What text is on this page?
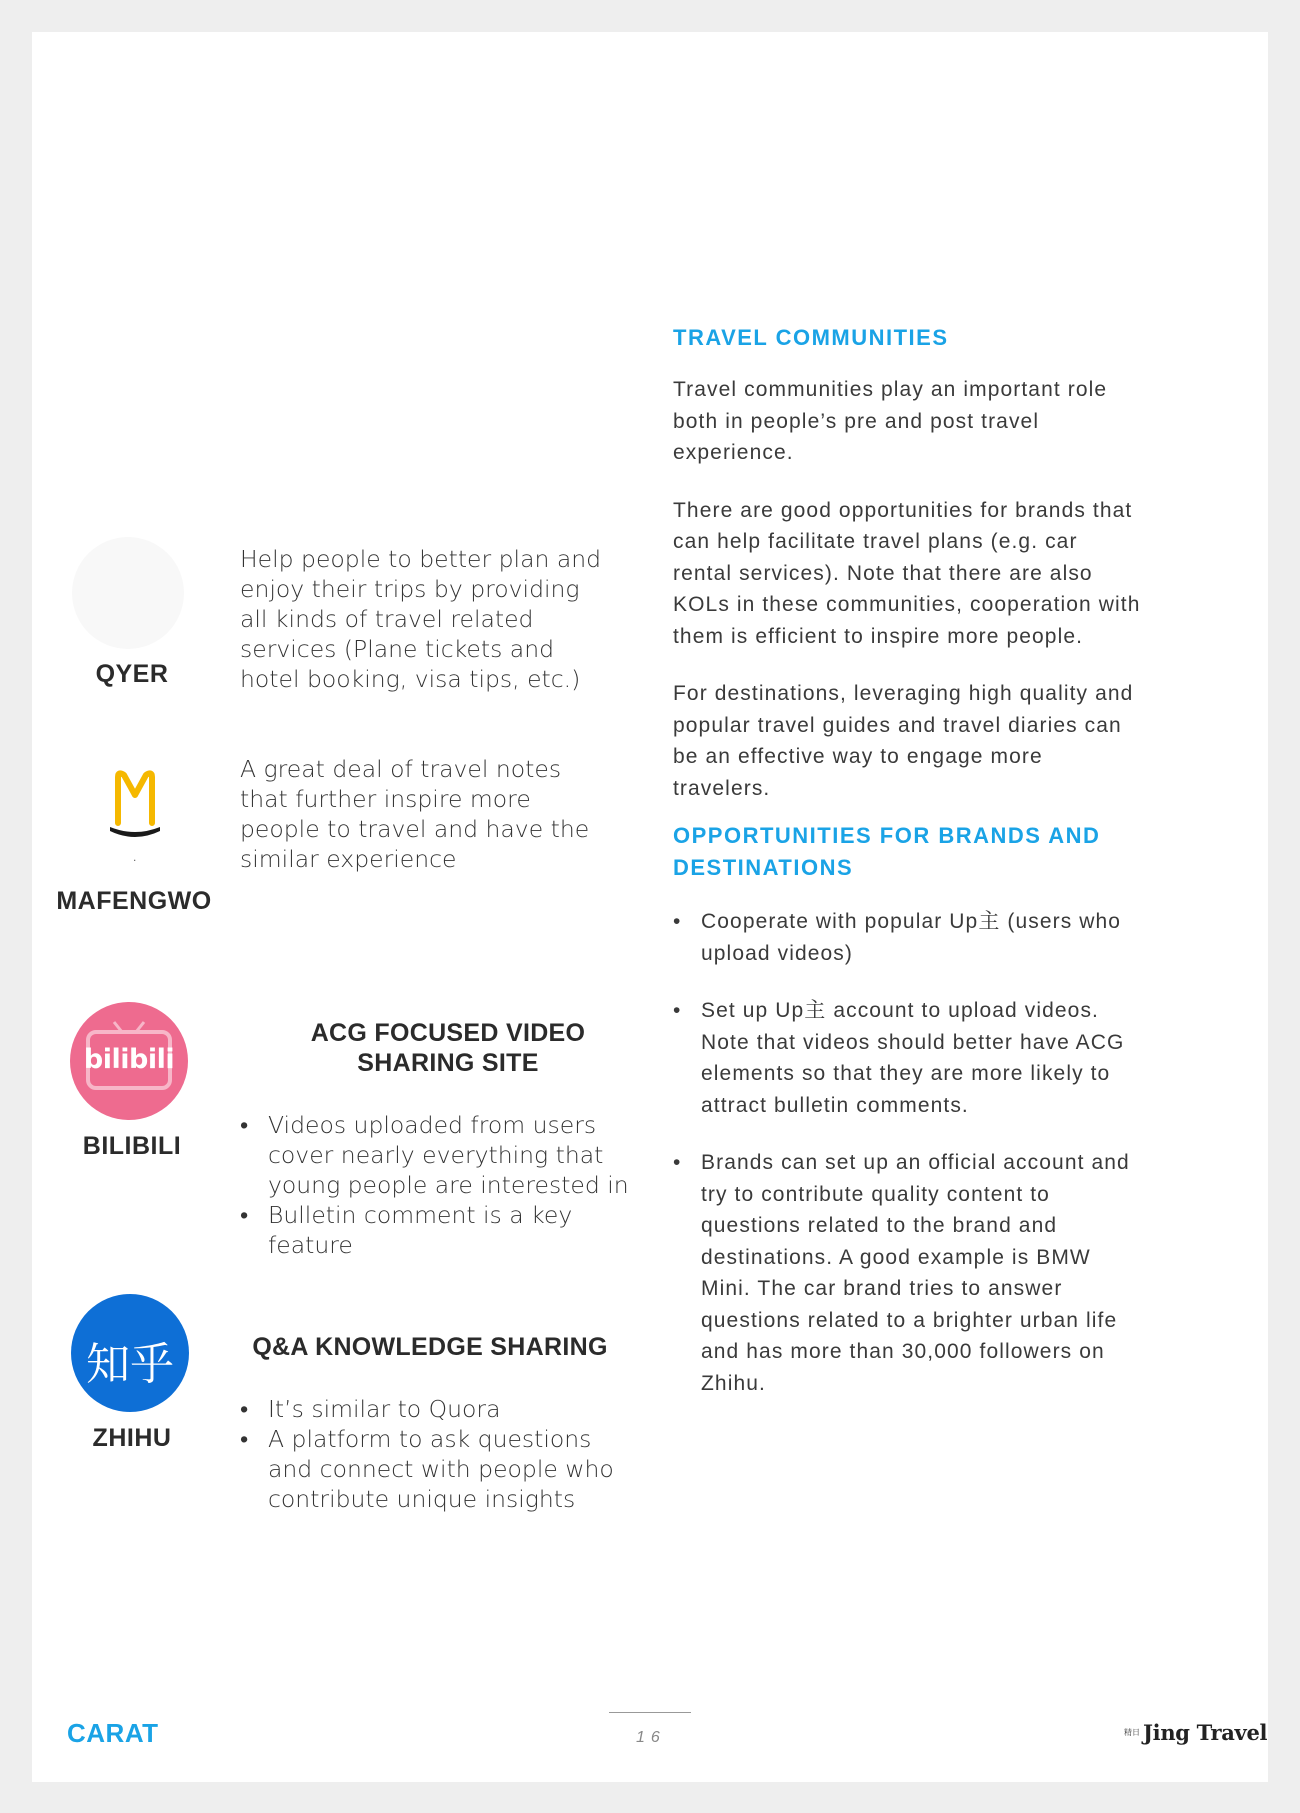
QYER
Help people to better plan and enjoy their trips by providing all kinds of travel related services (Plane tickets and hotel booking, visa tips, etc.)
.
MAFENGWO
A great deal of travel notes that further inspire more people to travel and have the similar experience
bilibili
BILIBILI
ACG FOCUSED VIDEO SHARING SITE
• Videos uploaded from users cover nearly everything that young people are interested in
• Bulletin comment is a key feature
知乎
ZHIHU
Q&A KNOWLEDGE SHARING
• It’s similar to Quora
• A platform to ask questions and connect with people who contribute unique insights
TRAVEL COMMUNITIES

Travel communities play an important role both in people’s pre and post travel experience.

There are good opportunities for brands that can help facilitate travel plans (e.g. car rental services). Note that there are also KOLs in these communities, cooperation with them is efficient to inspire more people.

For destinations, leveraging high quality and popular travel guides and travel diaries can be an effective way to engage more travelers.

OPPORTUNITIES FOR BRANDS AND DESTINATIONS
• Cooperate with popular Up主 (users who upload videos)
• Set up Up主 account to upload videos. Note that videos should better have ACG elements so that they are more likely to attract bulletin comments.
• Brands can set up an official account and try to contribute quality content to questions related to the brand and destinations. A good example is BMW Mini. The car brand tries to answer questions related to a brighter urban life and has more than 30,000 followers on Zhihu.
CARAT	16	精日 Jing Travel
